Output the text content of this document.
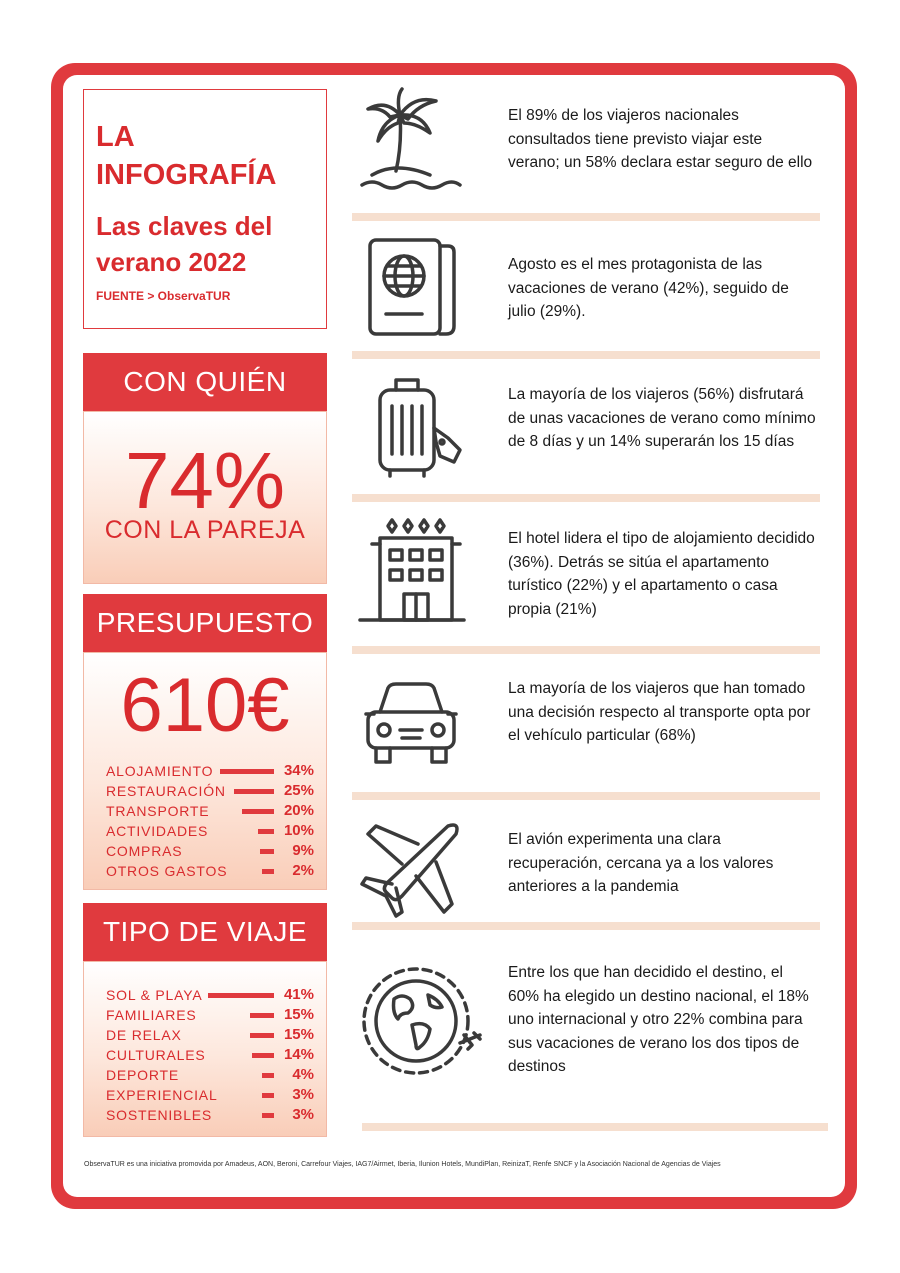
LA
INFOGRAFÍA
Las claves del
verano 2022
FUENTE > ObservaTUR
CON QUIÉN
74%
CON LA PAREJA
PRESUPUESTO
610€
ALOJAMIENTO	34%
RESTAURACIÓN	25%
TRANSPORTE	20%
ACTIVIDADES	10%
COMPRAS	9%
OTROS GASTOS	2%
TIPO DE VIAJE
SOL & PLAYA	41%
FAMILIARES	15%
DE RELAX	15%
CULTURALES	14%
DEPORTE	4%
EXPERIENCIAL	3%
SOSTENIBLES	3%
El 89% de los viajeros nacionales consultados tiene previsto viajar este verano; un 58% declara estar seguro de ello
Agosto es el mes protagonista de las vacaciones de verano (42%), seguido de julio (29%).
La mayoría de los viajeros (56%) disfrutará de unas vacaciones de verano como mínimo de 8 días y un 14% superarán los 15 días
El hotel lidera el tipo de alojamiento decidido (36%). Detrás se sitúa el apartamento turístico (22%) y el apartamento o casa propia (21%)
La mayoría de los viajeros que han tomado una decisión respecto al transporte opta por el vehículo particular (68%)
El avión experimenta una clara recuperación, cercana ya a los valores anteriores a la pandemia
Entre los que han decidido el destino, el 60% ha elegido un destino nacional, el 18% uno internacional y otro 22% combina para sus vacaciones de verano los dos tipos de destinos
ObservaTUR es una iniciativa promovida por Amadeus, AON, Beroni, Carrefour Viajes, IAG7/Airmet, Iberia, Ilunion Hotels, MundiPlan, ReinizaT, Renfe SNCF y la Asociación Nacional de Agencias de Viajes
